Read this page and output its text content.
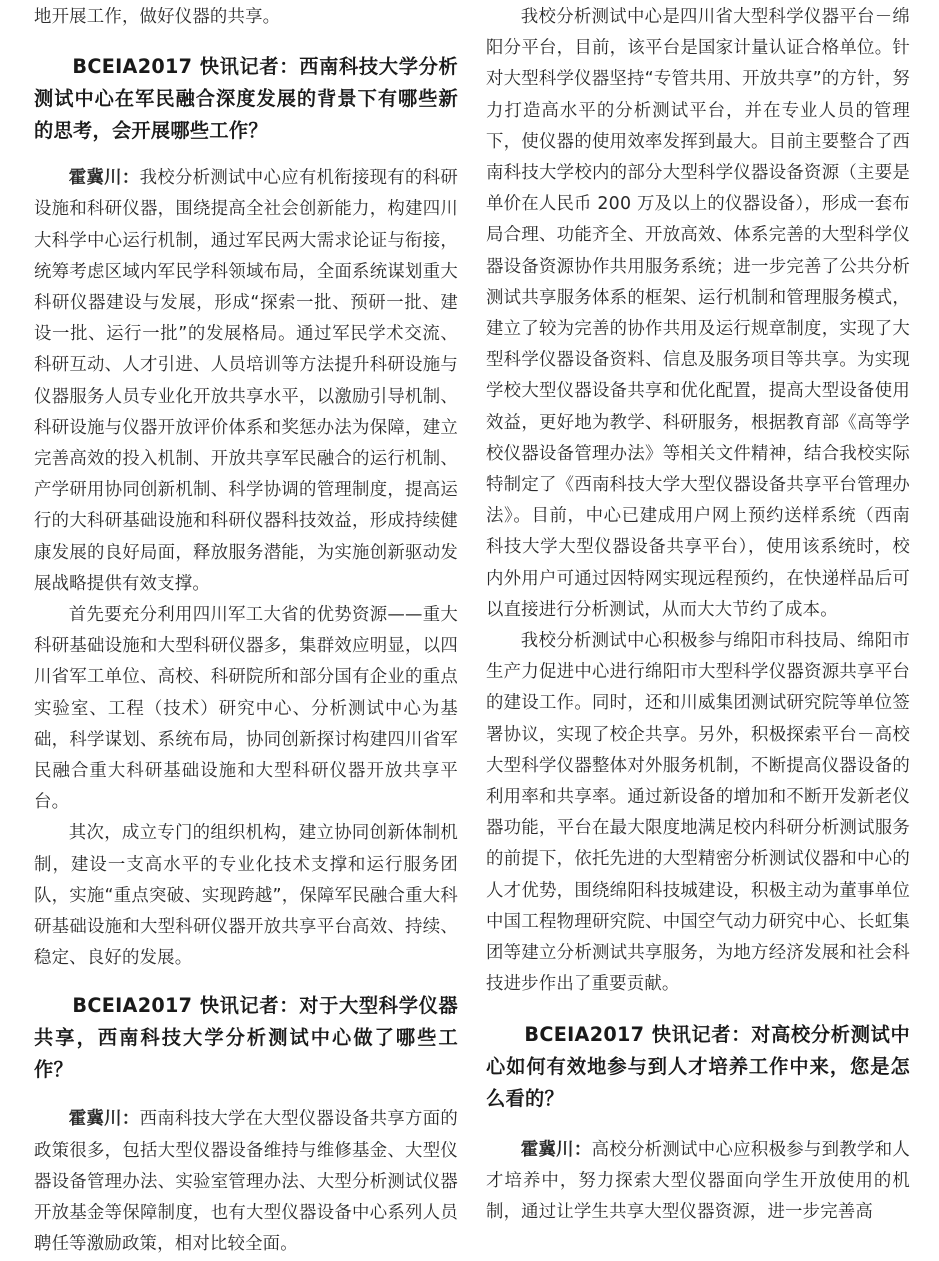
地开展工作，做好仪器的共享。

BCEIA2017 快讯记者：西南科技大学分析测试中心在军民融合深度发展的背景下有哪些新的思考，会开展哪些工作？

霍冀川：我校分析测试中心应有机衔接现有的科研设施和科研仪器，围绕提高全社会创新能力，构建四川大科学中心运行机制，通过军民两大需求论证与衔接，统筹考虑区域内军民学科领域布局，全面系统谋划重大科研仪器建设与发展，形成“探索一批、预研一批、建设一批、运行一批”的发展格局。通过军民学术交流、科研互动、人才引进、人员培训等方法提升科研设施与仪器服务人员专业化开放共享水平，以激励引导机制、科研设施与仪器开放评价体系和奖惩办法为保障，建立完善高效的投入机制、开放共享军民融合的运行机制、产学研用协同创新机制、科学协调的管理制度，提高运行的大科研基础设施和科研仪器科技效益，形成持续健康发展的良好局面，释放服务潜能，为实施创新驱动发展战略提供有效支撑。

首先要充分利用四川军工大省的优势资源——重大科研基础设施和大型科研仪器多，集群效应明显，以四川省军工单位、高校、科研院所和部分国有企业的重点实验室、工程（技术）研究中心、分析测试中心为基础，科学谋划、系统布局，协同创新探讨构建四川省军民融合重大科研基础设施和大型科研仪器开放共享平台。

其次，成立专门的组织机构，建立协同创新体制机制，建设一支高水平的专业化技术支撑和运行服务团队，实施“重点突破、实现跨越”，保障军民融合重大科研基础设施和大型科研仪器开放共享平台高效、持续、稳定、良好的发展。

BCEIA2017 快讯记者：对于大型科学仪器共享，西南科技大学分析测试中心做了哪些工作？

霍冀川：西南科技大学在大型仪器设备共享方面的政策很多，包括大型仪器设备维持与维修基金、大型仪器设备管理办法、实验室管理办法、大型分析测试仪器开放基金等保障制度，也有大型仪器设备中心系列人员聘任等激励政策，相对比较全面。

我校分析测试中心是四川省大型科学仪器平台－绵阳分平台，目前，该平台是国家计量认证合格单位。针对大型科学仪器坚持“专管共用、开放共享”的方针，努力打造高水平的分析测试平台，并在专业人员的管理下，使仪器的使用效率发挥到最大。目前主要整合了西南科技大学校内的部分大型科学仪器设备资源（主要是单价在人民币 200 万及以上的仪器设备），形成一套布局合理、功能齐全、开放高效、体系完善的大型科学仪器设备资源协作共用服务系统；进一步完善了公共分析测试共享服务体系的框架、运行机制和管理服务模式，建立了较为完善的协作共用及运行规章制度，实现了大型科学仪器设备资料、信息及服务项目等共享。为实现学校大型仪器设备共享和优化配置，提高大型设备使用效益，更好地为教学、科研服务，根据教育部《高等学校仪器设备管理办法》等相关文件精神，结合我校实际特制定了《西南科技大学大型仪器设备共享平台管理办法》。目前，中心已建成用户网上预约送样系统（西南科技大学大型仪器设备共享平台），使用该系统时，校内外用户可通过因特网实现远程预约，在快递样品后可以直接进行分析测试，从而大大节约了成本。

我校分析测试中心积极参与绵阳市科技局、绵阳市生产力促进中心进行绵阳市大型科学仪器资源共享平台的建设工作。同时，还和川威集团测试研究院等单位签署协议，实现了校企共享。另外，积极探索平台－高校大型科学仪器整体对外服务机制，不断提高仪器设备的利用率和共享率。通过新设备的增加和不断开发新老仪器功能，平台在最大限度地满足校内科研分析测试服务的前提下，依托先进的大型精密分析测试仪器和中心的人才优势，围绕绵阳科技城建设，积极主动为董事单位中国工程物理研究院、中国空气动力研究中心、长虹集团等建立分析测试共享服务，为地方经济发展和社会科技进步作出了重要贡献。

BCEIA2017 快讯记者：对高校分析测试中心如何有效地参与到人才培养工作中来，您是怎么看的？

霍冀川：高校分析测试中心应积极参与到教学和人才培养中，努力探索大型仪器面向学生开放使用的机制，通过让学生共享大型仪器资源，进一步完善高
